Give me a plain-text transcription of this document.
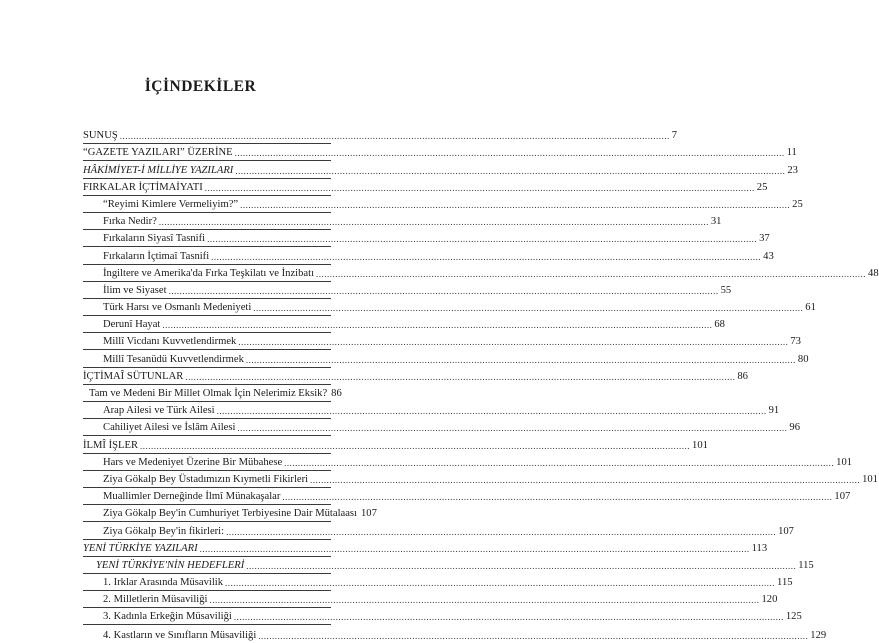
İÇİNDEKİLER
SUNUŞ ........................................................................................................................................................................................................ 7
“GAZETE YAZILARI” ÜZERİNE ........................................................................................................................................................................................................ 11
HÂKİMİYET-İ MİLLİYE YAZILARI ........................................................................................................................................................................................................ 23
FIRKALAR İÇTİMAİYATI ........................................................................................................................................................................................................ 25
“Reyimi Kimlere Vermeliyim?” ........................................................................................................................................................................................................ 25
Fırka Nedir? ........................................................................................................................................................................................................ 31
Fırkaların Siyasî Tasnifi ........................................................................................................................................................................................................ 37
Fırkaların İçtimaî Tasnifi ........................................................................................................................................................................................................ 43
İngiltere ve Amerika'da Fırka Teşkilatı ve İnzibatı ........................................................................................................................................................................................................ 48
İlim ve Siyaset ........................................................................................................................................................................................................ 55
Türk Harsı ve Osmanlı Medeniyeti ........................................................................................................................................................................................................ 61
Derunî Hayat ........................................................................................................................................................................................................ 68
Millî Vicdanı Kuvvetlendirmek ........................................................................................................................................................................................................ 73
Millî Tesanüdü Kuvvetlendirmek ........................................................................................................................................................................................................ 80
İÇTİMAÎ SÜTUNLAR ........................................................................................................................................................................................................ 86
Tam ve Medeni Bir Millet Olmak İçin Nelerimiz Eksik? 86
Arap Ailesi ve Türk Ailesi ........................................................................................................................................................................................................ 91
Cahiliyet Ailesi ve İslâm Ailesi ........................................................................................................................................................................................................ 96
İLMÎ İŞLER ........................................................................................................................................................................................................ 101
Hars ve Medeniyet Üzerine Bir Mübahese ........................................................................................................................................................................................................ 101
Ziya Gökalp Bey Üstadımızın Kıymetli Fikirleri ........................................................................................................................................................................................................ 101
Muallimler Derneğinde İlmî Münakaşalar ........................................................................................................................................................................................................ 107
Ziya Gökalp Bey'in Cumhuriyet Terbiyesine Dair Mütalaası 107
Ziya Gökalp Bey'in fikirleri: ........................................................................................................................................................................................................ 107
YENİ TÜRKİYE YAZILARI ........................................................................................................................................................................................................ 113
YENİ TÜRKİYE'NİN HEDEFLERİ ........................................................................................................................................................................................................ 115
1. Irklar Arasında Müsavilik ........................................................................................................................................................................................................ 115
2. Milletlerin Müsaviliği ........................................................................................................................................................................................................ 120
3. Kadınla Erkeğin Müsaviliği ........................................................................................................................................................................................................ 125
4. Kastların ve Sınıfların Müsaviliği ........................................................................................................................................................................................................ 129
